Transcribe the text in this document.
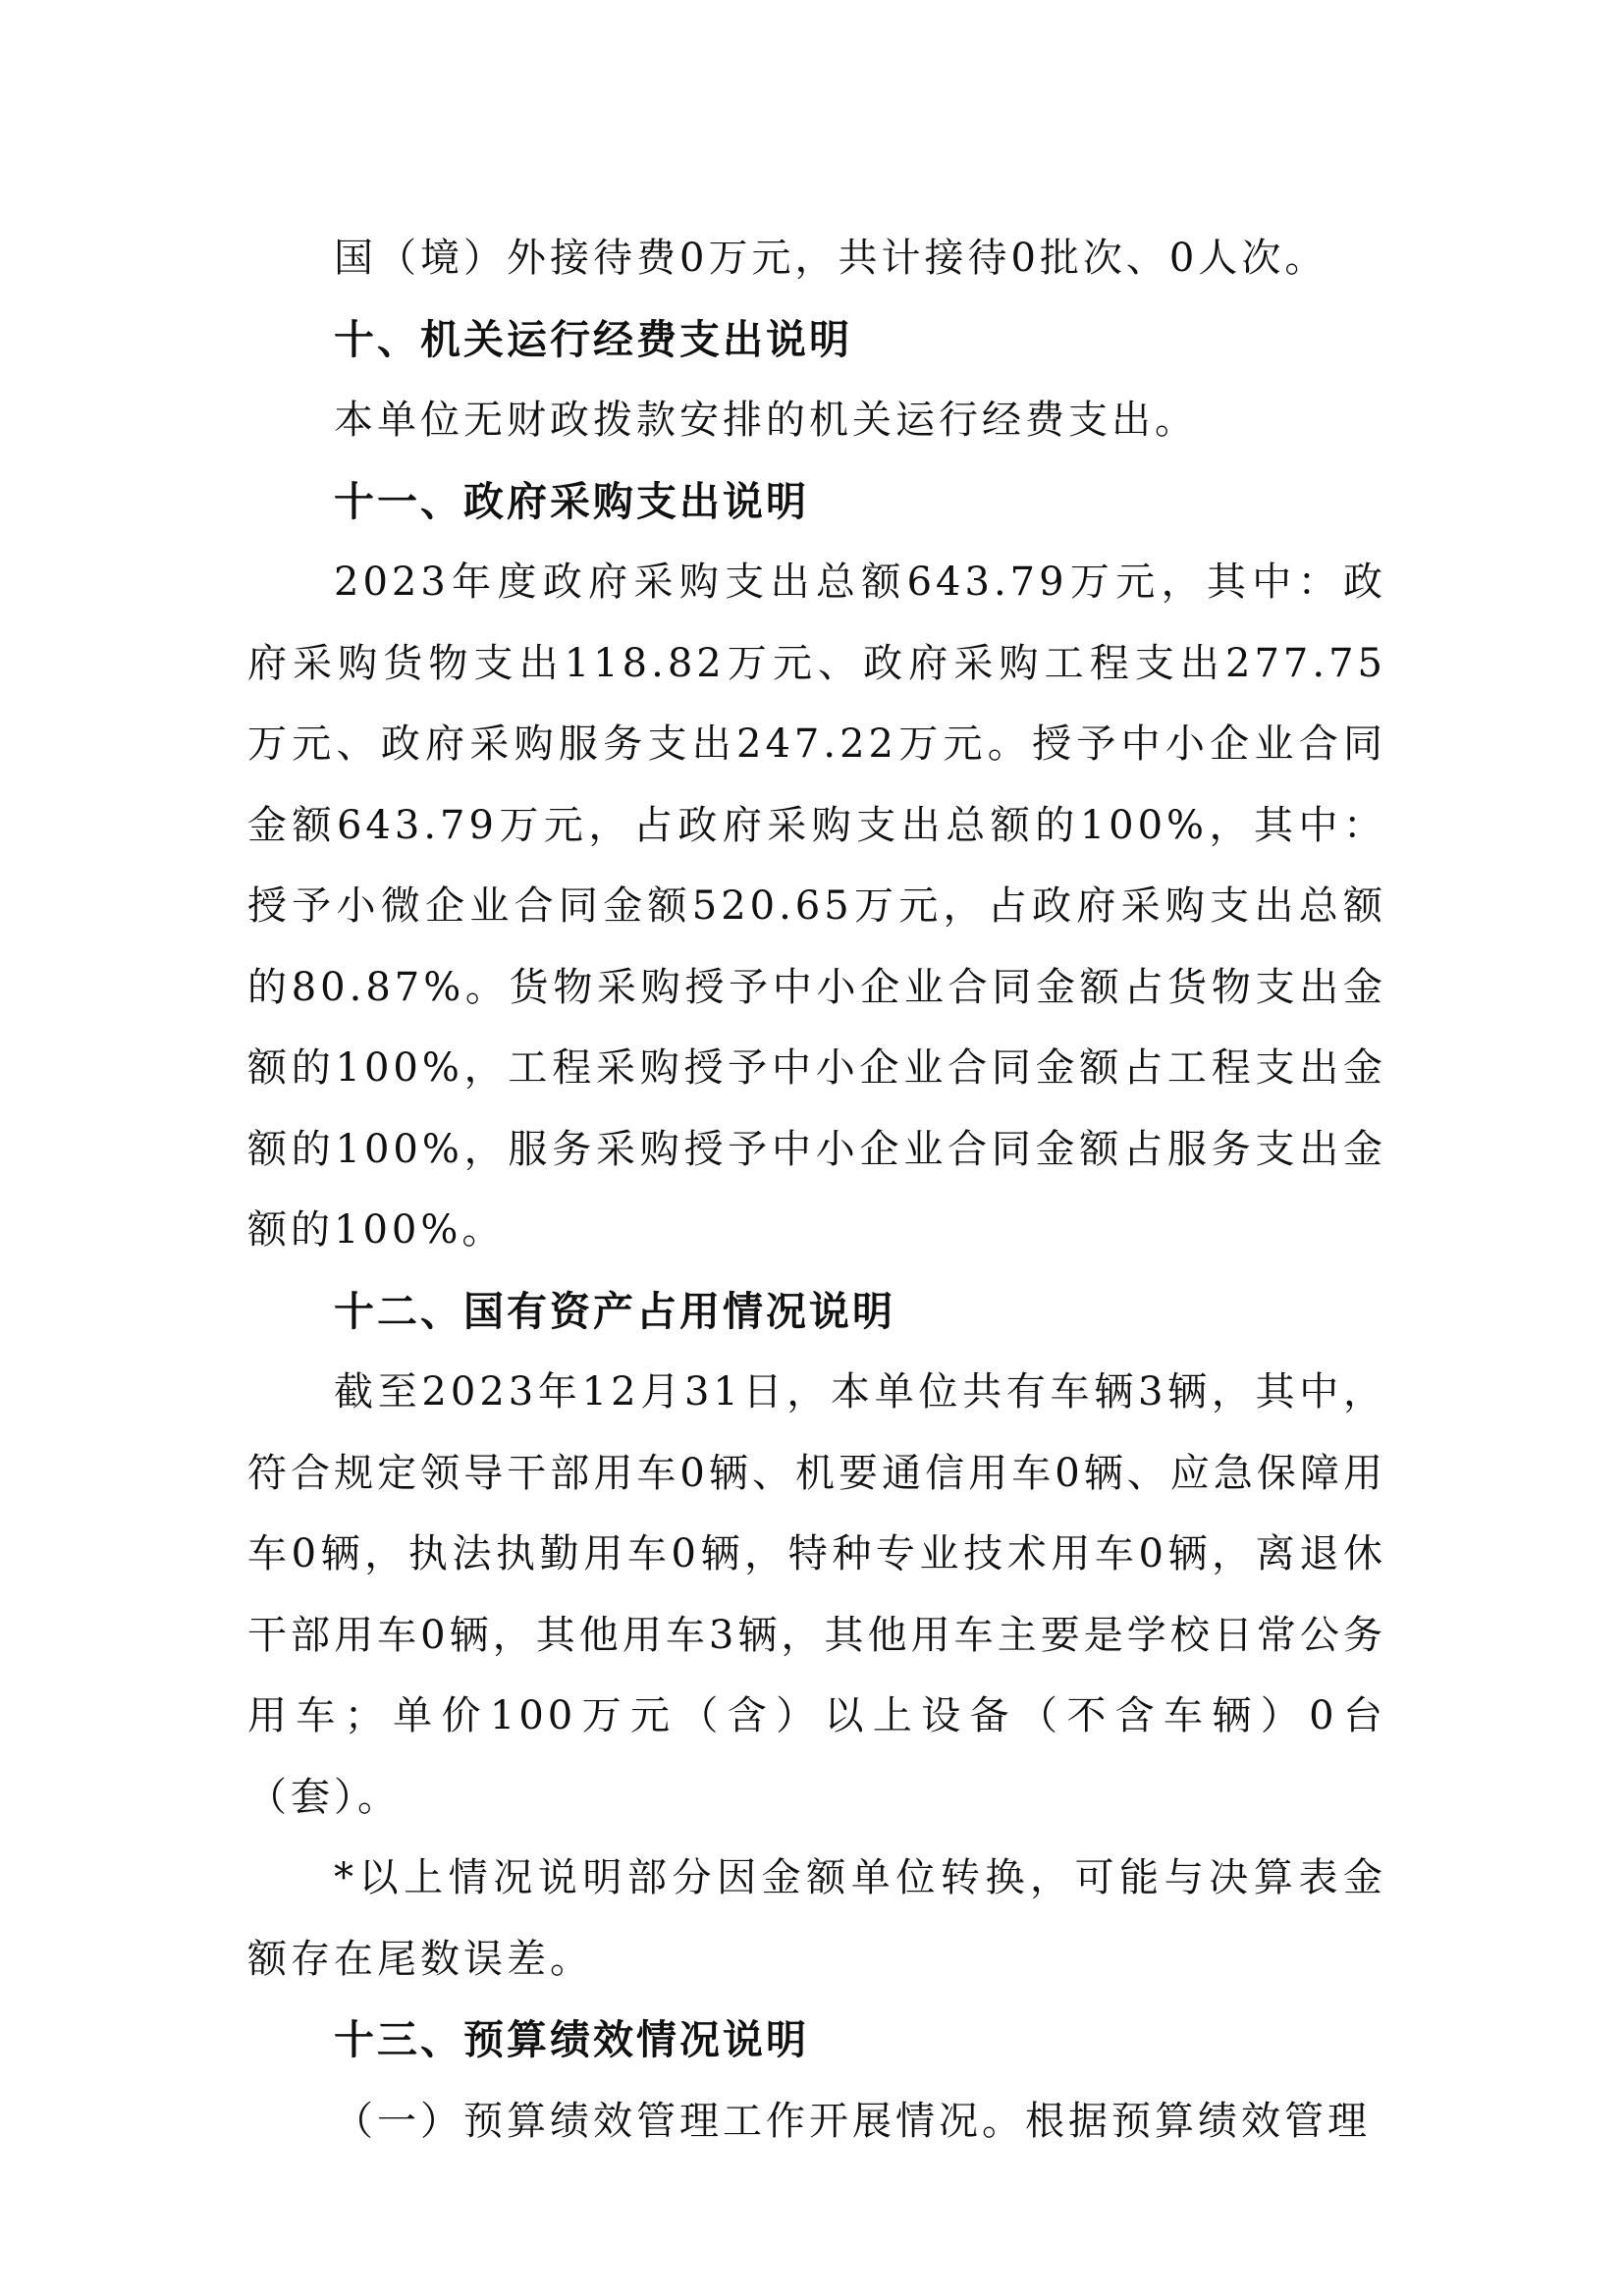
国（境）外接待费0万元，共计接待0批次、0人次。

十、机关运行经费支出说明

本单位无财政拨款安排的机关运行经费支出。

十一、政府采购支出说明

2023年度政府采购支出总额643.79万元，其中：政府采购货物支出118.82万元、政府采购工程支出277.75万元、政府采购服务支出247.22万元。授予中小企业合同金额643.79万元，占政府采购支出总额的100%，其中：授予小微企业合同金额520.65万元，占政府采购支出总额的80.87%。货物采购授予中小企业合同金额占货物支出金额的100%，工程采购授予中小企业合同金额占工程支出金额的100%，服务采购授予中小企业合同金额占服务支出金额的100%。

十二、国有资产占用情况说明

截至2023年12月31日，本单位共有车辆3辆，其中，符合规定领导干部用车0辆、机要通信用车0辆、应急保障用车0辆，执法执勤用车0辆，特种专业技术用车0辆，离退休干部用车0辆，其他用车3辆，其他用车主要是学校日常公务用车；单价100万元（含）以上设备（不含车辆）0台（套）。

*以上情况说明部分因金额单位转换，可能与决算表金额存在尾数误差。

十三、预算绩效情况说明

（一）预算绩效管理工作开展情况。根据预算绩效管理
